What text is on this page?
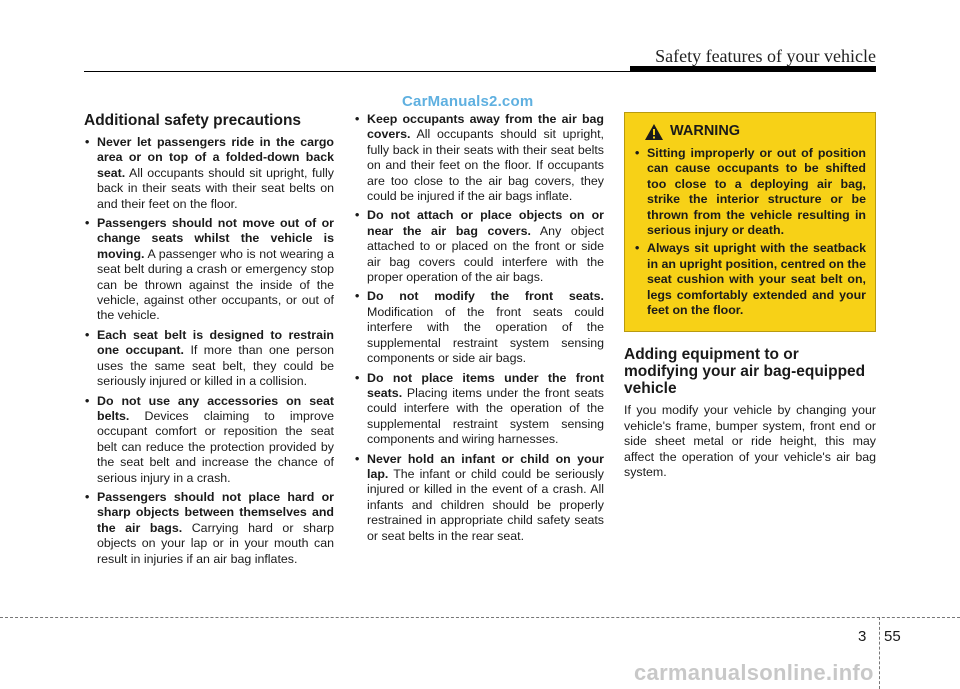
Safety features of your vehicle
CarManuals2.com
Additional safety precautions
• Never let passengers ride in the cargo area or on top of a folded-down back seat. All occupants should sit upright, fully back in their seats with their seat belts on and their feet on the floor.
• Passengers should not move out of or change seats whilst the vehicle is moving. A passenger who is not wearing a seat belt during a crash or emergency stop can be thrown against the inside of the vehicle, against other occupants, or out of the vehicle.
• Each seat belt is designed to restrain one occupant. If more than one person uses the same seat belt, they could be seriously injured or killed in a collision.
• Do not use any accessories on seat belts. Devices claiming to improve occupant comfort or reposition the seat belt can reduce the protection provided by the seat belt and increase the chance of serious injury in a crash.
• Passengers should not place hard or sharp objects between themselves and the air bags. Carrying hard or sharp objects on your lap or in your mouth can result in injuries if an air bag inflates.
• Keep occupants away from the air bag covers. All occupants should sit upright, fully back in their seats with their seat belts on and their feet on the floor. If occupants are too close to the air bag covers, they could be injured if the air bags inflate.
• Do not attach or place objects on or near the air bag covers. Any object attached to or placed on the front or side air bag covers could interfere with the proper operation of the air bags.
• Do not modify the front seats. Modification of the front seats could interfere with the operation of the supplemental restraint system sensing components or side air bags.
• Do not place items under the front seats. Placing items under the front seats could interfere with the operation of the supplemental restraint system sensing components and wiring harnesses.
• Never hold an infant or child on your lap. The infant or child could be seriously injured or killed in the event of a crash. All infants and children should be properly restrained in appropriate child safety seats or seat belts in the rear seat.
WARNING
• Sitting improperly or out of position can cause occupants to be shifted too close to a deploying air bag, strike the interior structure or be thrown from the vehicle resulting in serious injury or death.
• Always sit upright with the seatback in an upright position, centred on the seat cushion with your seat belt on, legs comfortably extended and your feet on the floor.
Adding equipment to or modifying your air bag-equipped vehicle

If you modify your vehicle by changing your vehicle's frame, bumper system, front end or side sheet metal or ride height, this may affect the operation of your vehicle's air bag system.

3 55
carmanualsonline.info
